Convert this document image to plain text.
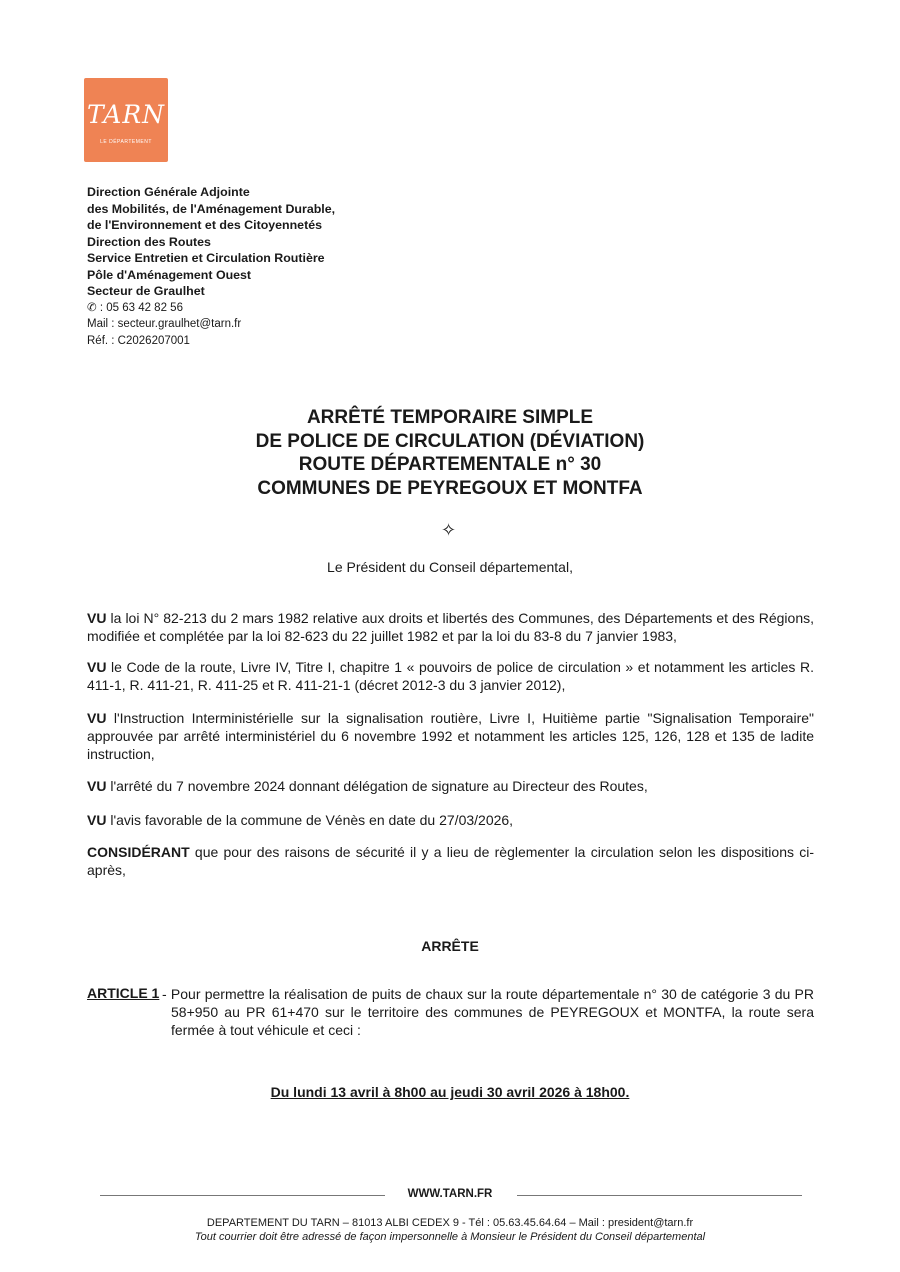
TARN
LE DÉPARTEMENT
Direction Générale Adjointe
des Mobilités, de l'Aménagement Durable,
de l'Environnement et des Citoyennetés
Direction des Routes
Service Entretien et Circulation Routière
Pôle d'Aménagement Ouest
Secteur de Graulhet
✆ : 05 63 42 82 56
Mail : secteur.graulhet@tarn.fr
Réf. : C2026207001
ARRÊTÉ TEMPORAIRE SIMPLE
DE POLICE DE CIRCULATION (DÉVIATION)
ROUTE DÉPARTEMENTALE n° 30
COMMUNES DE PEYREGOUX ET MONTFA
✧
Le Président du Conseil départemental,
VU la loi N° 82-213 du 2 mars 1982 relative aux droits et libertés des Communes, des Départements et des Régions, modifiée et complétée par la loi 82-623 du 22 juillet 1982 et par la loi du 83-8 du 7 janvier 1983,
VU le Code de la route, Livre IV, Titre I, chapitre 1 « pouvoirs de police de circulation » et notamment les articles R. 411-1, R. 411-21, R. 411-25 et R. 411-21-1 (décret 2012-3 du 3 janvier 2012),
VU l'Instruction Interministérielle sur la signalisation routière, Livre I, Huitième partie "Signalisation Temporaire" approuvée par arrêté interministériel du 6 novembre 1992 et notamment les articles 125, 126, 128 et 135 de ladite instruction,
VU l'arrêté du 7 novembre 2024 donnant délégation de signature au Directeur des Routes,
VU l'avis favorable de la commune de Vénès en date du 27/03/2026,
CONSIDÉRANT que pour des raisons de sécurité il y a lieu de règlementer la circulation selon les dispositions ci-après,
ARRÊTE
ARTICLE 1 - Pour permettre la réalisation de puits de chaux sur la route départementale n° 30 de catégorie 3 du PR 58+950 au PR 61+470 sur le territoire des communes de PEYREGOUX et MONTFA, la route sera fermée à tout véhicule et ceci :
Du lundi 13 avril à 8h00 au jeudi 30 avril 2026 à 18h00.
WWW.TARN.FR
DEPARTEMENT DU TARN – 81013 ALBI CEDEX 9 - Tél : 05.63.45.64.64 – Mail : president@tarn.fr
Tout courrier doit être adressé de façon impersonnelle à Monsieur le Président du Conseil départemental
